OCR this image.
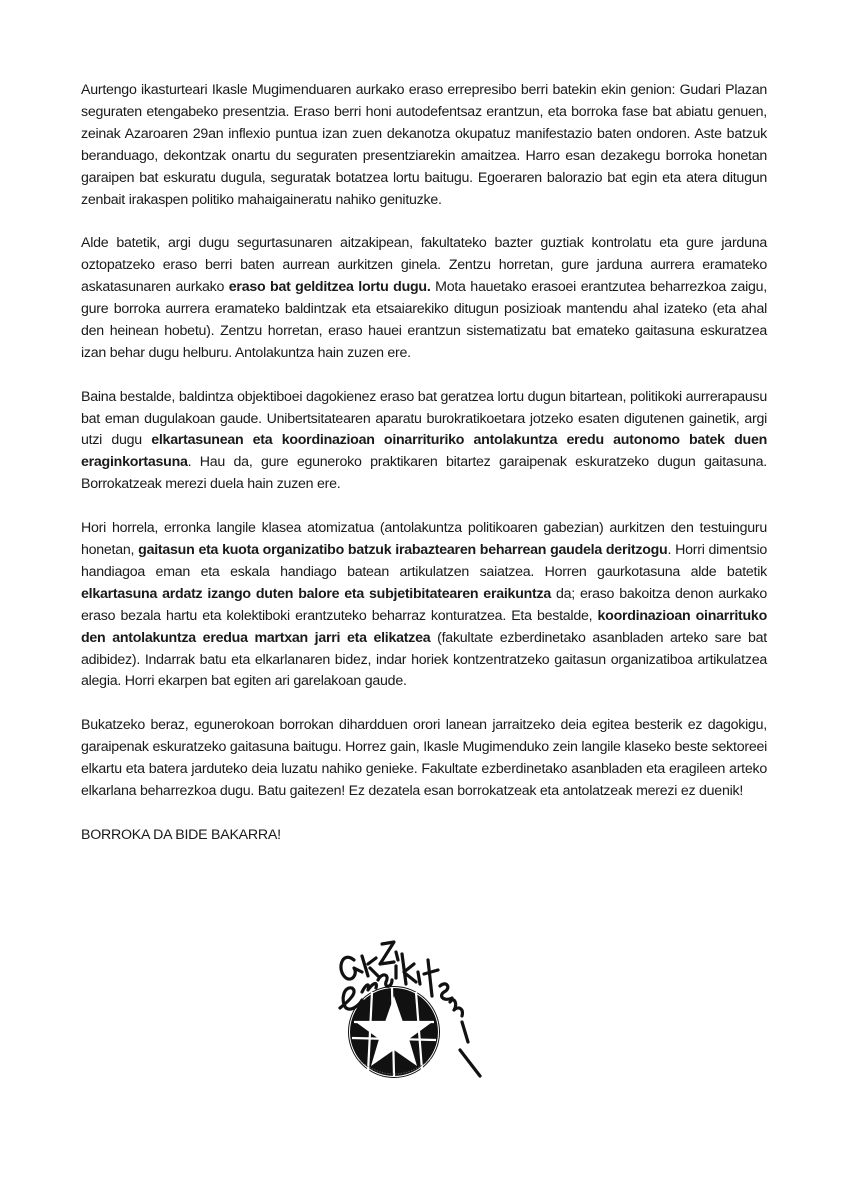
Aurtengo ikasturteari Ikasle Mugimenduaren aurkako eraso errepresibo berri batekin ekin genion: Gudari Plazan seguraten etengabeko presentzia. Eraso berri honi autodefentsaz erantzun, eta borroka fase bat abiatu genuen, zeinak Azaroaren 29an inflexio puntua izan zuen dekanotza okupatuz manifestazio baten ondoren. Aste batzuk beranduago, dekontzak onartu du seguraten presentziarekin amaitzea. Harro esan dezakegu borroka honetan garaipen bat eskuratu dugula, seguratak botatzea lortu baitugu. Egoeraren balorazio bat egin eta atera ditugun zenbait irakaspen politiko mahaigaineratu nahiko genituzke.

Alde batetik, argi dugu segurtasunaren aitzakipean, fakultateko bazter guztiak kontrolatu eta gure jarduna oztopatzeko eraso berri baten aurrean aurkitzen ginela. Zentzu horretan, gure jarduna aurrera eramateko askatasunaren aurkako eraso bat gelditzea lortu dugu. Mota hauetako erasoei erantzutea beharrezkoa zaigu, gure borroka aurrera eramateko baldintzak eta etsaiarekiko ditugun posizioak mantendu ahal izateko (eta ahal den heinean hobetu). Zentzu horretan, eraso hauei erantzun sistematizatu bat emateko gaitasuna eskuratzea izan behar dugu helburu. Antolakuntza hain zuzen ere.

Baina bestalde, baldintza objektiboei dagokienez eraso bat geratzea lortu dugun bitartean, politikoki aurrerapausu bat eman dugulakoan gaude. Unibertsitatearen aparatu burokratikoetara jotzeko esaten digutenen gainetik, argi utzi dugu elkartasunean eta koordinazioan oinarrituriko antolakuntza eredu autonomo batek duen eraginkortasuna. Hau da, gure eguneroko praktikaren bitartez garaipenak eskuratzeko dugun gaitasuna. Borrokatzeak merezi duela hain zuzen ere.

Hori horrela, erronka langile klasea atomizatua (antolakuntza politikoaren gabezian) aurkitzen den testuinguru honetan, gaitasun eta kuota organizatibo batzuk irabaztearen beharrean gaudela deritzogu. Horri dimentsio handiagoa eman eta eskala handiago batean artikulatzen saiatzea. Horren gaurkotasuna alde batetik elkartasuna ardatz izango duten balore eta subjetibitatearen eraikuntza da; eraso bakoitza denon aurkako eraso bezala hartu eta kolektiboki erantzuteko beharraz konturatzea. Eta bestalde, koordinazioan oinarrituko den antolakuntza eredua martxan jarri eta elikatzea (fakultate ezberdinetako asanbladen arteko sare bat adibidez). Indarrak batu eta elkarlanaren bidez, indar horiek kontzentratzeko gaitasun organizatiboa artikulatzea alegia. Horri ekarpen bat egiten ari garelakoan gaude.

Bukatzeko beraz, egunerokoan borrokan dihardduen orori lanean jarraitzeko deia egitea besterik ez dagokigu, garaipenak eskuratzeko gaitasuna baitugu. Horrez gain, Ikasle Mugimenduko zein langile klaseko beste sektoreei elkartu eta batera jarduteko deia luzatu nahiko genieke. Fakultate ezberdinetako asanbladen eta eragileen arteko elkarlana beharrezkoa dugu. Batu gaitezen! Ez dezatela esan borrokatzeak eta antolatzeak merezi ez duenik!

BORROKA DA BIDE BAKARRA!
